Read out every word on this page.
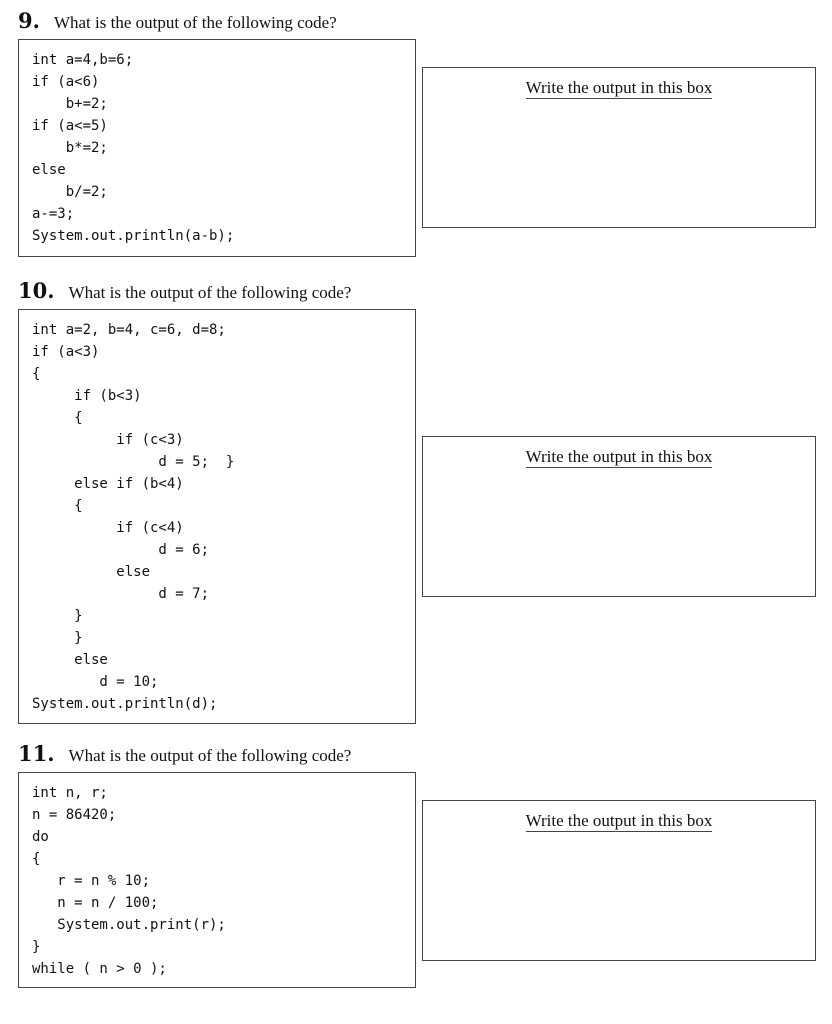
9. What is the output of the following code?
int a=4,b=6;
if (a<6)
b+=2;
if (a<=5)
b*=2;
else
b/=2;
a-=3;
System.out.println(a-b);
Write the output in this box
10. What is the output of the following code?
int a=2, b=4, c=6, d=8;
if (a<3)
{
if (b<3)
{
if (c<3)
d = 5;  }
else if (b<4)
{
if (c<4)
d = 6;
else
d = 7;
}
}
else
d = 10;
System.out.println(d);
Write the output in this box
11. What is the output of the following code?
int n, r;
n = 86420;
do
{
r = n % 10;
n = n / 100;
System.out.print(r);
}
while ( n > 0 );
Write the output in this box
